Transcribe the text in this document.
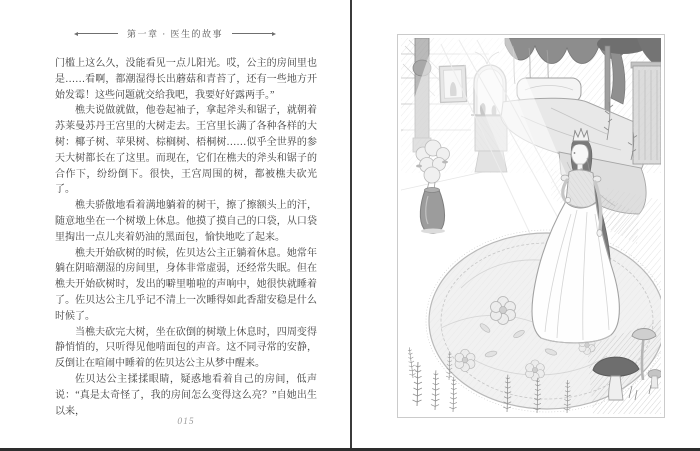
第一章 · 医生的故事

门槛上这么久，没能看见一点儿阳光。哎，公主的房间里也是……看啊，都潮湿得长出蘑菇和青苔了，还有一些地方开始发霉！这些问题就交给我吧，我要好好露两手。”

樵夫说做就做，他卷起袖子，拿起斧头和锯子，就朝着苏莱曼苏丹王宫里的大树走去。王宫里长满了各种各样的大树：椰子树、苹果树、棕榈树、梧桐树……似乎全世界的参天大树都长在了这里。而现在，它们在樵夫的斧头和锯子的合作下，纷纷倒下。很快，王宫周围的树，都被樵夫砍光了。

樵夫骄傲地看着满地躺着的树干，擦了擦额头上的汗，随意地坐在一个树墩上休息。他摸了摸自己的口袋，从口袋里掏出一点儿夹着奶油的黑面包，愉快地吃了起来。

樵夫开始砍树的时候，佐贝达公主正躺着休息。她常年躺在阴暗潮湿的房间里，身体非常虚弱，还经常失眠。但在樵夫开始砍树时，发出的噼里啪啦的声响中，她很快就睡着了。佐贝达公主几乎记不清上一次睡得如此香甜安稳是什么时候了。

当樵夫砍完大树，坐在砍倒的树墩上休息时，四周变得静悄悄的，只听得见他啃面包的声音。这不同寻常的安静，反倒让在喧闹中睡着的佐贝达公主从梦中醒来。

佐贝达公主揉揉眼睛，疑惑地看着自己的房间，低声说：“真是太奇怪了，我的房间怎么变得这么亮？”自她出生以来，

015
